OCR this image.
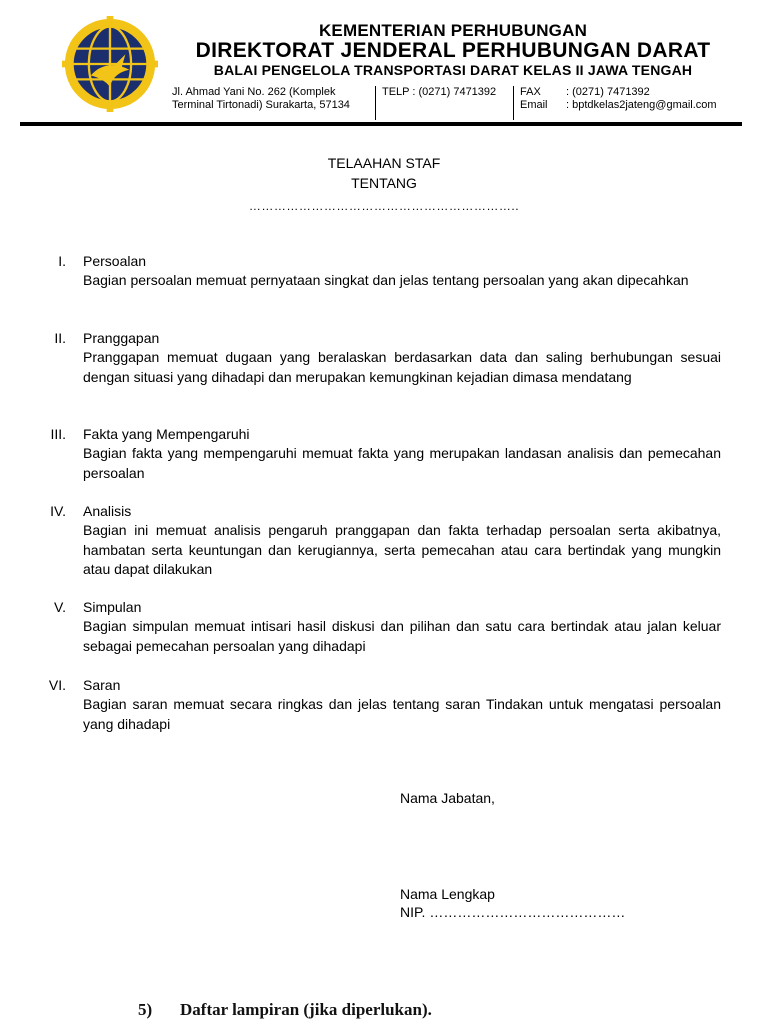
KEMENTERIAN PERHUBUNGAN
DIREKTORAT JENDERAL PERHUBUNGAN DARAT
BALAI PENGELOLA TRANSPORTASI DARAT KELAS II JAWA TENGAH
Jl. Ahmad Yani No. 262 (Komplek
Terminal Tirtonadi) Surakarta, 57134
TELP : (0271) 7471392 FAX : (0271) 7471392
Email : bptdkelas2jateng@gmail.com
TELAAHAN STAF
TENTANG
………………………………………………………..
I. Persoalan
Bagian persoalan memuat pernyataan singkat dan jelas tentang persoalan yang akan dipecahkan
II. Pranggapan
Pranggapan memuat dugaan yang beralaskan berdasarkan data dan saling berhubungan sesuai dengan situasi yang dihadapi dan merupakan kemungkinan kejadian dimasa mendatang
III. Fakta yang Mempengaruhi
Bagian fakta yang mempengaruhi memuat fakta yang merupakan landasan analisis dan pemecahan persoalan
IV. Analisis
Bagian ini memuat analisis pengaruh pranggapan dan fakta terhadap persoalan serta akibatnya, hambatan serta keuntungan dan kerugiannya, serta pemecahan atau cara bertindak yang mungkin atau dapat dilakukan
V. Simpulan
Bagian simpulan memuat intisari hasil diskusi dan pilihan dan satu cara bertindak atau jalan keluar sebagai pemecahan persoalan yang dihadapi
VI. Saran
Bagian saran memuat secara ringkas dan jelas tentang saran Tindakan untuk mengatasi persoalan yang dihadapi
Nama Jabatan,
Nama Lengkap
NIP. ……………………………………
5) Daftar lampiran (jika diperlukan).
